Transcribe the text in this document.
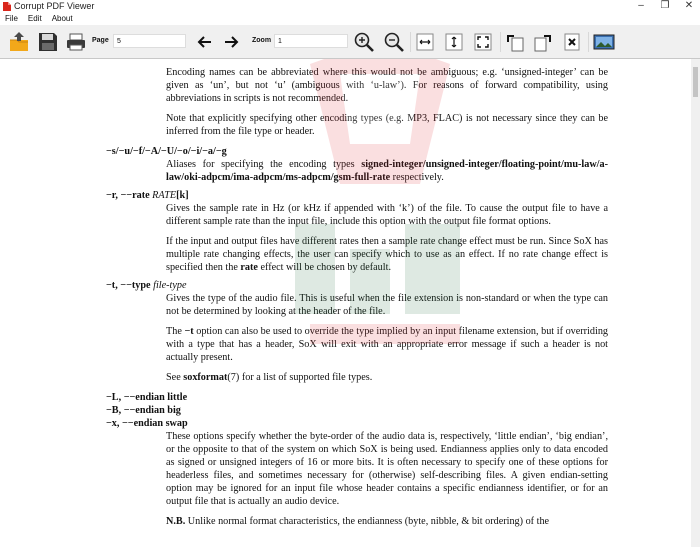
Corrupt PDF Viewer	–	❐	✕
File Edit About
Page	5	Zoom 1

Encoding names can be abbreviated where this would not be ambiguous; e.g. ‘unsigned-integer’ can be given as ‘un’, but not ‘u’ (ambiguous with ‘u-law’). For reasons of forward compatibility, using abbreviations in scripts is not recommended.

Note that explicitly specifying other encoding types (e.g. MP3, FLAC) is not necessary since they can be inferred from the file type or header.

−s/−u/−f/−A/−U/−o/−i/−a/−g

Aliases for specifying the encoding types signed-integer/unsigned-integer/floating-point/mu-law/a-law/oki-adpcm/ima-adpcm/ms-adpcm/gsm-full-rate respectively.

−r, −−rate RATE[k]

Gives the sample rate in Hz (or kHz if appended with ‘k’) of the file. To cause the output file to have a different sample rate than the input file, include this option with the output file format options.

If the input and output files have different rates then a sample rate change effect must be run. Since SoX has multiple rate changing effects, the user can specify which to use as an effect. If no rate change effect is specified then the rate effect will be chosen by default.

−t, −−type file-type

Gives the type of the audio file. This is useful when the file extension is non-standard or when the type can not be determined by looking at the header of the file.

The −t option can also be used to override the type implied by an input filename extension, but if overriding with a type that has a header, SoX will exit with an appropriate error message if such a header is not actually present.

See soxformat(7) for a list of supported file types.

−L, −−endian little

−B, −−endian big

−x, −−endian swap

These options specify whether the byte-order of the audio data is, respectively, ‘little endian’, ‘big endian’, or the opposite to that of the system on which SoX is being used. Endianness applies only to data encoded as signed or unsigned integers of 16 or more bits. It is often necessary to specify one of these options for headerless files, and sometimes necessary for (otherwise) self-describing files. A given endian-setting option may be ignored for an input file whose header contains a specific endianness identifier, or for an output file that is actually an audio device.

N.B. Unlike normal format characteristics, the endianness (byte, nibble, & bit ordering) of the
